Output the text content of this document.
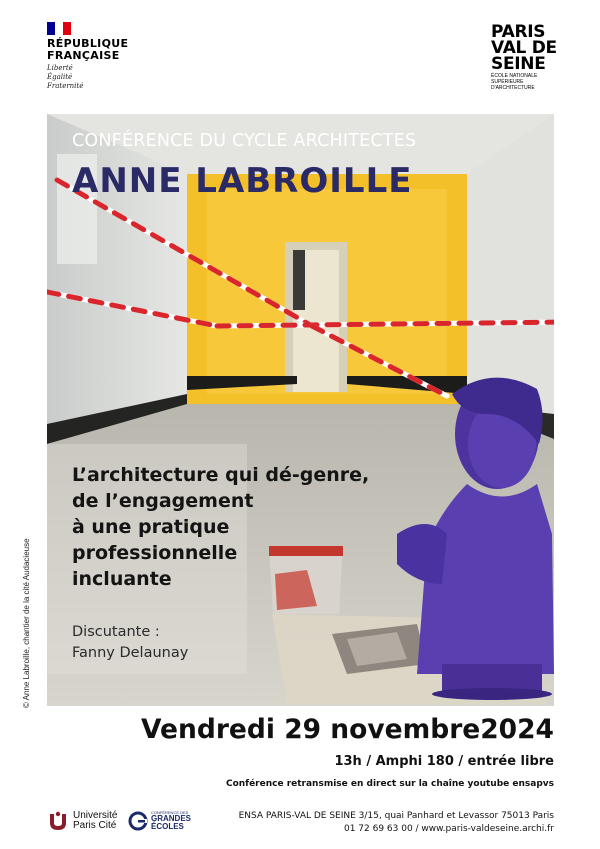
RÉPUBLIQUE
FRANÇAISE
Liberté
Égalité
Fraternité
PARIS
VAL DE
SEINE
ÉCOLE NATIONALE SUPÉRIEURE
D'ARCHITECTURE
CONFÉRENCE DU CYCLE ARCHITECTES
ANNE LABROILLE
L’architecture qui dé-genre,
de l’engagement
à une pratique
professionnelle
incluante
Discutante :
Fanny Delaunay
© Anne Labroille, chantier de la cité Audacieuse
Vendredi 29 novembre2024
13h / Amphi 180 / entrée libre
Conférence retransmise en direct sur la chaîne youtube ensapvs
ENSA PARIS-VAL DE SEINE 3/15, quai Panhard et Levassor 75013 Paris
01 72 69 63 00 / www.paris-valdeseine.archi.fr
Université
Paris Cité
CONFÉRENCE DES
GRANDES
ÉCOLES
